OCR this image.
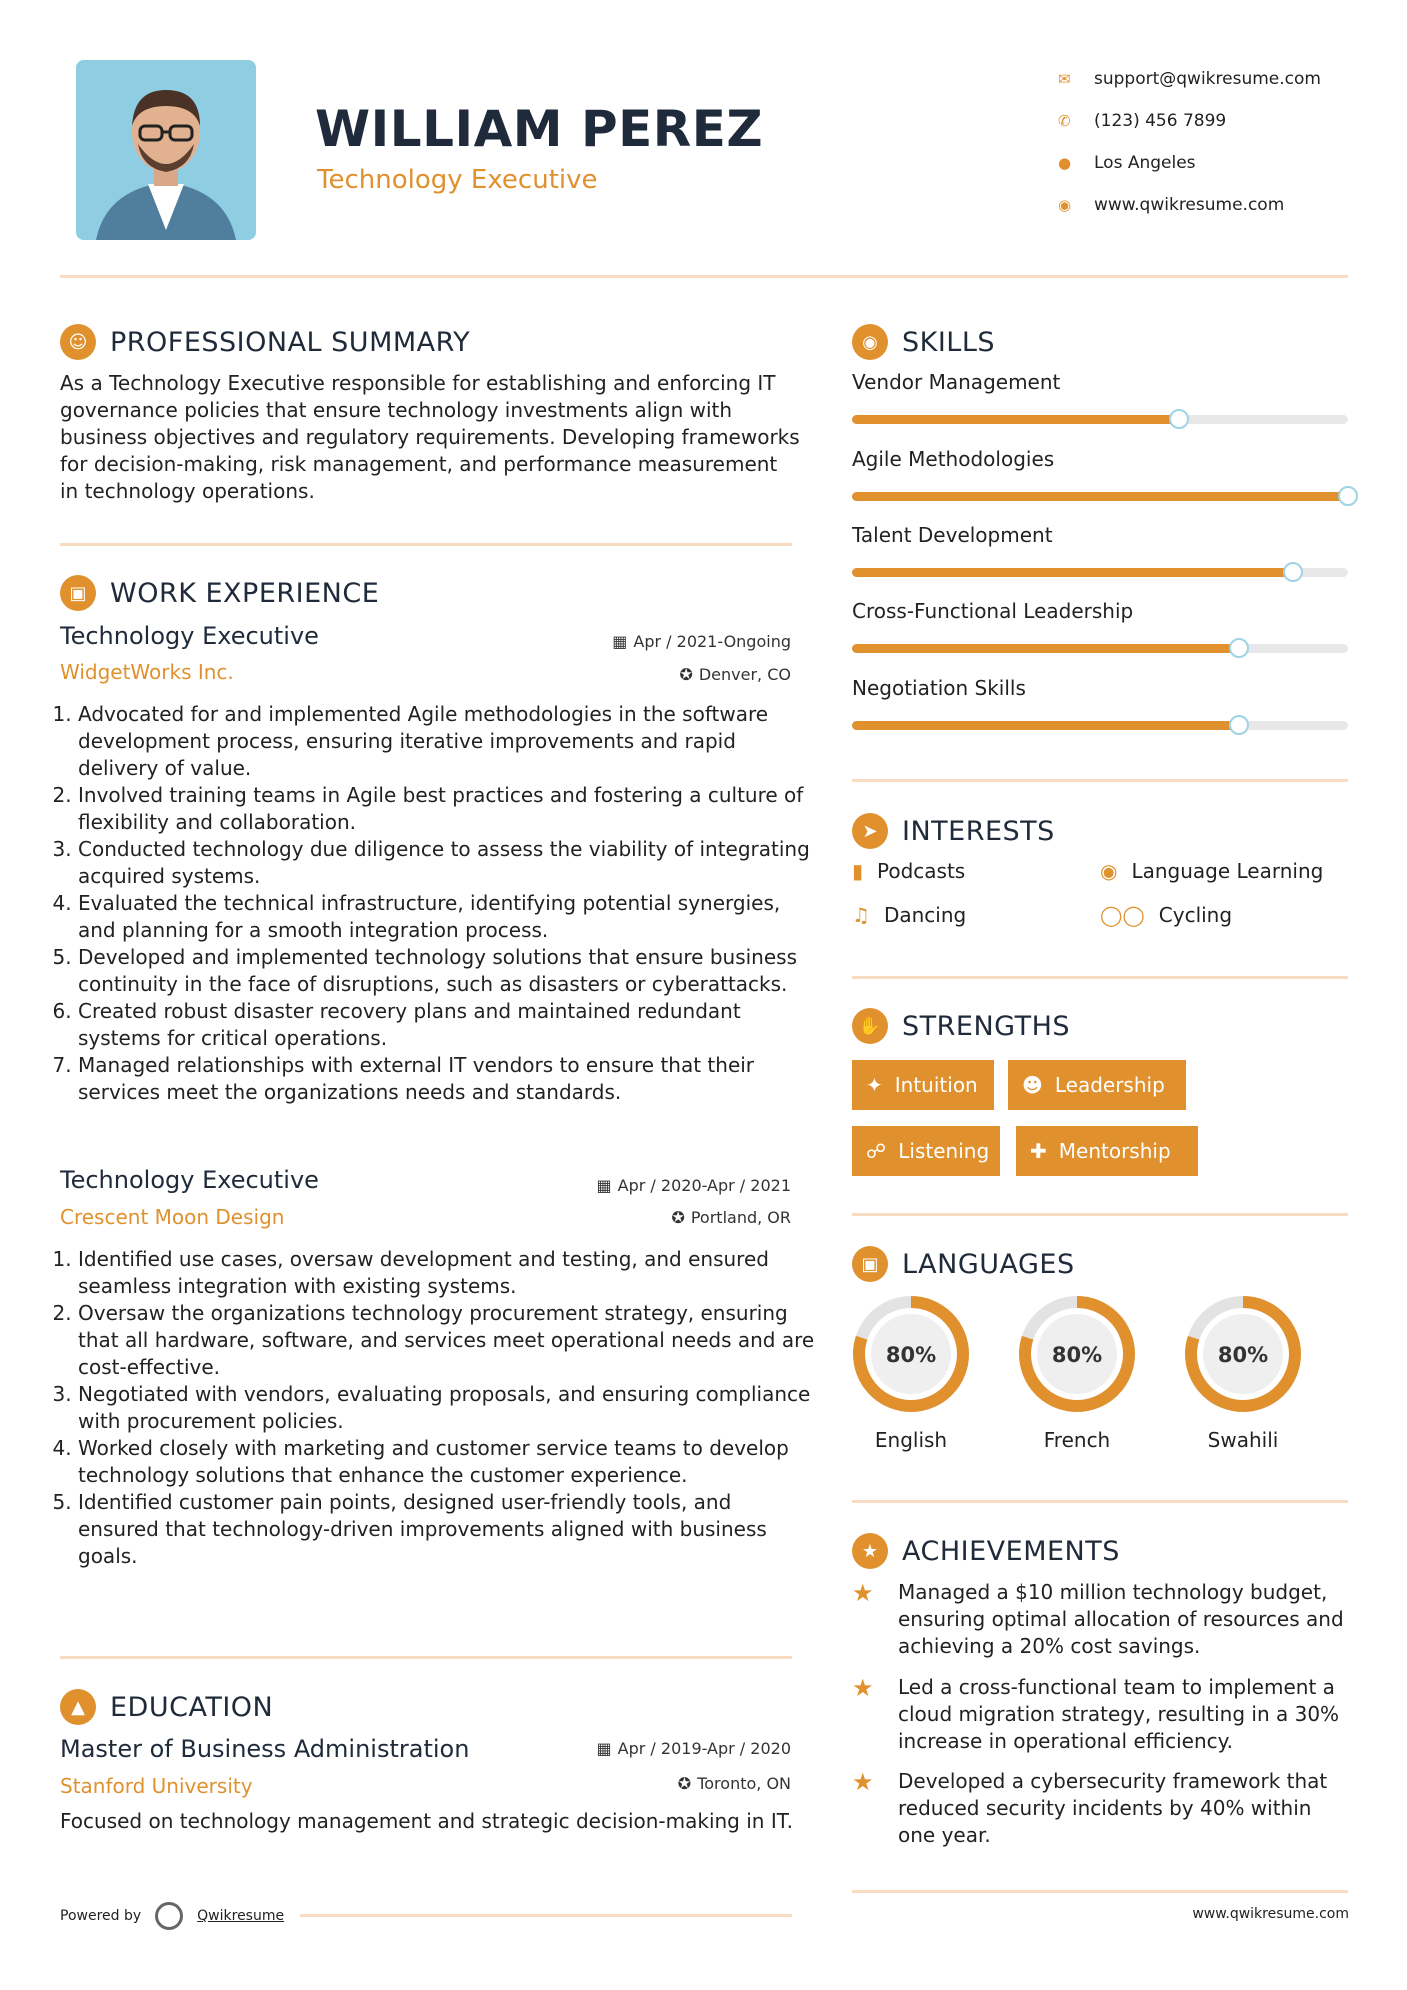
WILLIAM PEREZ
Technology Executive
✉	support@qwikresume.com
✆	(123) 456 7899
●	Los Angeles
◉	www.qwikresume.com
☺ PROFESSIONAL SUMMARY
As a Technology Executive responsible for establishing and enforcing IT governance policies that ensure technology investments align with business objectives and regulatory requirements. Developing frameworks for decision-making, risk management, and performance measurement in technology operations.
▣ WORK EXPERIENCE
Technology Executive
WidgetWorks Inc.
▦ Apr / 2021-Ongoing
✪ Denver, CO
1. Advocated for and implemented Agile methodologies in the software development process, ensuring iterative improvements and rapid delivery of value.
2. Involved training teams in Agile best practices and fostering a culture of flexibility and collaboration.
3. Conducted technology due diligence to assess the viability of integrating acquired systems.
4. Evaluated the technical infrastructure, identifying potential synergies, and planning for a smooth integration process.
5. Developed and implemented technology solutions that ensure business continuity in the face of disruptions, such as disasters or cyberattacks.
6. Created robust disaster recovery plans and maintained redundant systems for critical operations.
7. Managed relationships with external IT vendors to ensure that their services meet the organizations needs and standards.
Technology Executive
Crescent Moon Design
▦ Apr / 2020-Apr / 2021
✪ Portland, OR
1. Identified use cases, oversaw development and testing, and ensured seamless integration with existing systems.
2. Oversaw the organizations technology procurement strategy, ensuring that all hardware, software, and services meet operational needs and are cost-effective.
3. Negotiated with vendors, evaluating proposals, and ensuring compliance with procurement policies.
4. Worked closely with marketing and customer service teams to develop technology solutions that enhance the customer experience.
5. Identified customer pain points, designed user-friendly tools, and ensured that technology-driven improvements aligned with business goals.
▲ EDUCATION
Master of Business Administration
Stanford University
▦ Apr / 2019-Apr / 2020
✪ Toronto, ON
Focused on technology management and strategic decision-making in IT.
◉ SKILLS
Vendor Management
Agile Methodologies
Talent Development
Cross-Functional Leadership
Negotiation Skills
➤ INTERESTS
▮ Podcasts	◉ Language Learning
♫ Dancing	◯◯ Cycling
✋ STRENGTHS
✦ Intuition ☻ Leadership
☍ Listening ✚ Mentorship
▣ LANGUAGES
80%
English
80%
French
80%
Swahili
★ ACHIEVEMENTS
★	Managed a $10 million technology budget, ensuring optimal allocation of resources and achieving a 20% cost savings.
★	Led a cross-functional team to implement a cloud migration strategy, resulting in a 30% increase in operational efficiency.
★	Developed a cybersecurity framework that reduced security incidents by 40% within one year.
Powered by	Qwikresume	www.qwikresume.com
